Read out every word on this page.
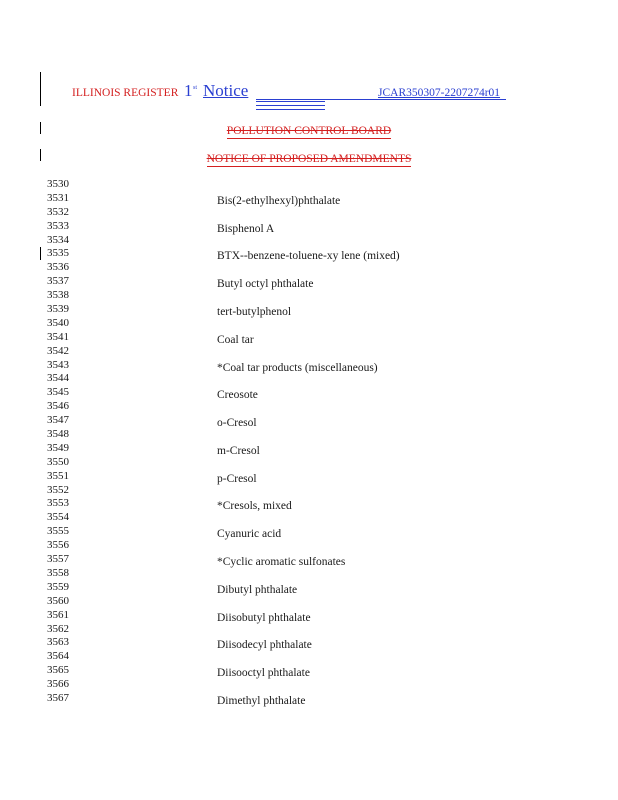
ILLINOIS REGISTER 1 st Notice	JCAR350307-2207274r01
POLLUTION CONTROL BOARD
NOTICE OF PROPOSED AMENDMENTS
3530
3531	Bis(2-ethylhexyl)phthalate
3532
3533	Bisphenol A
3534
3535	BTX--benzene-toluene-xy lene (mixed)
3536
3537	Butyl octyl phthalate
3538
3539	tert-butylphenol
3540
3541	Coal tar
3542
3543	*Coal tar products (miscellaneous)
3544
3545	Creosote
3546
3547	o-Cresol
3548
3549	m-Cresol
3550
3551	p-Cresol
3552
3553	*Cresols, mixed
3554
3555	Cyanuric acid
3556
3557	*Cyclic aromatic sulfonates
3558
3559	Dibutyl phthalate
3560
3561	Diisobutyl phthalate
3562
3563	Diisodecyl phthalate
3564
3565	Diisooctyl phthalate
3566
3567	Dimethyl phthalate
